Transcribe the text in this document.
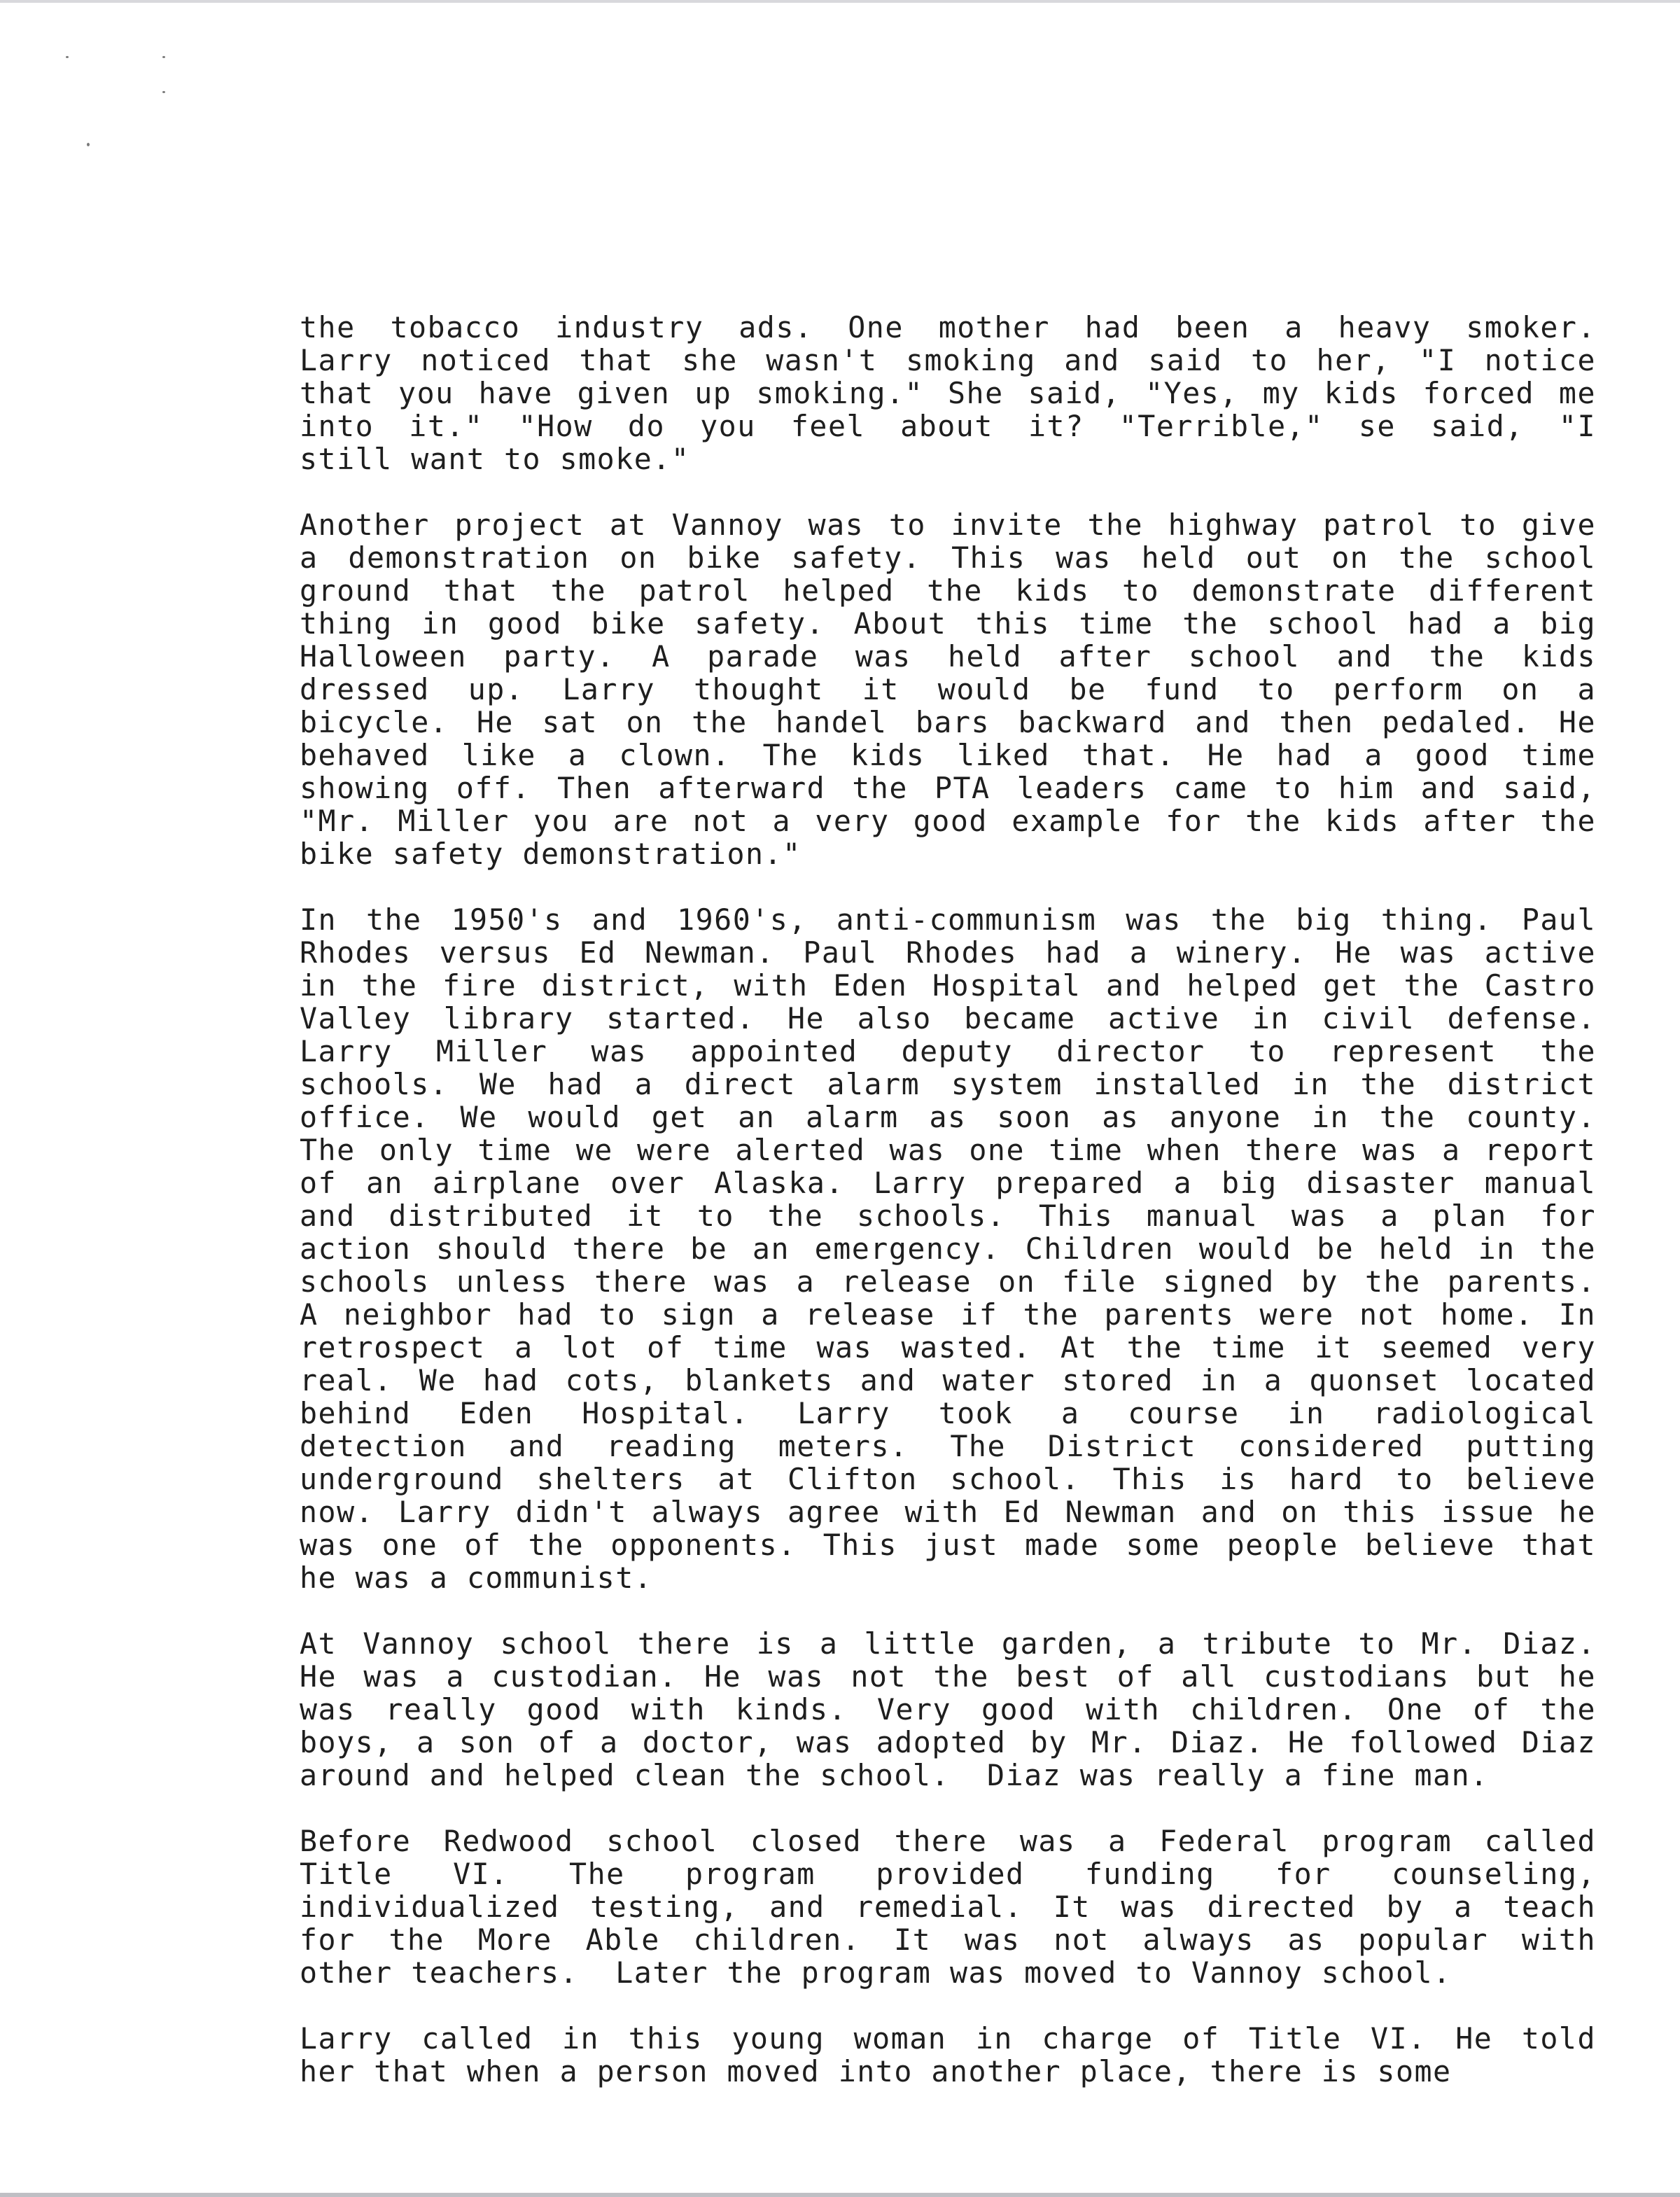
the tobacco industry ads. One mother had been a heavy smoker.
Larry noticed that she wasn't smoking and said to her, "I notice
that you have given up smoking." She said, "Yes, my kids forced me
into it." "How do you feel about it? "Terrible," se said, "I
still want to smoke."
Another project at Vannoy was to invite the highway patrol to give
a demonstration on bike safety. This was held out on the school
ground that the patrol helped the kids to demonstrate different
thing in good bike safety. About this time the school had a big
Halloween party. A parade was held after school and the kids
dressed up. Larry thought it would be fund to perform on a
bicycle. He sat on the handel bars backward and then pedaled. He
behaved like a clown. The kids liked that. He had a good time
showing off. Then afterward the PTA leaders came to him and said,
"Mr. Miller you are not a very good example for the kids after the
bike safety demonstration."
In the 1950's and 1960's, anti-communism was the big thing. Paul
Rhodes versus Ed Newman. Paul Rhodes had a winery. He was active
in the fire district, with Eden Hospital and helped get the Castro
Valley library started. He also became active in civil defense.
Larry Miller was appointed deputy director to represent the
schools. We had a direct alarm system installed in the district
office. We would get an alarm as soon as anyone in the county.
The only time we were alerted was one time when there was a report
of an airplane over Alaska. Larry prepared a big disaster manual
and distributed it to the schools. This manual was a plan for
action should there be an emergency. Children would be held in the
schools unless there was a release on file signed by the parents.
A neighbor had to sign a release if the parents were not home. In
retrospect a lot of time was wasted. At the time it seemed very
real. We had cots, blankets and water stored in a quonset located
behind Eden Hospital. Larry took a course in radiological
detection and reading meters. The District considered putting
underground shelters at Clifton school. This is hard to believe
now. Larry didn't always agree with Ed Newman and on this issue he
was one of the opponents. This just made some people believe that
he was a communist.
At Vannoy school there is a little garden, a tribute to Mr. Diaz.
He was a custodian. He was not the best of all custodians but he
was really good with kinds. Very good with children. One of the
boys, a son of a doctor, was adopted by Mr. Diaz. He followed Diaz
around and helped clean the school.  Diaz was really a fine man.
Before Redwood school closed there was a Federal program called
Title VI. The program provided funding for counseling,
individualized testing, and remedial. It was directed by a teach
for the More Able children. It was not always as popular with
other teachers.  Later the program was moved to Vannoy school.
Larry called in this young woman in charge of Title VI. He told
her that when a person moved into another place, there is some
